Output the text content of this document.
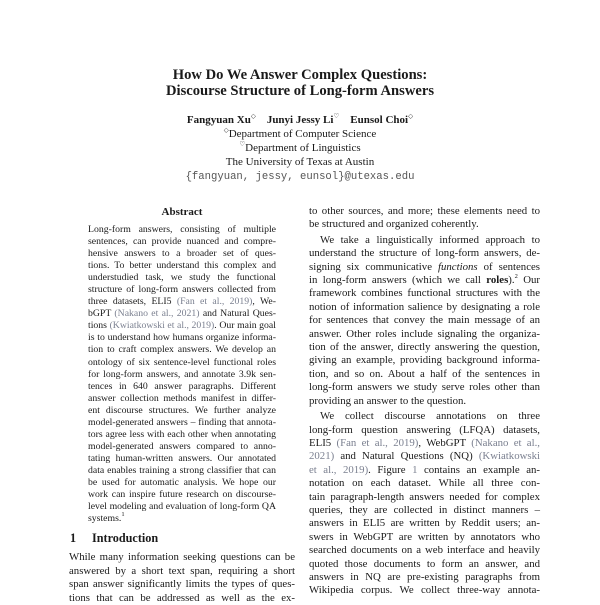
How Do We Answer Complex Questions:
Discourse Structure of Long-form Answers
Fangyuan Xu◇ Junyi Jessy Li♡ Eunsol Choi◇
◇Department of Computer Science
♡Department of Linguistics
The University of Texas at Austin
{fangyuan, jessy, eunsol}@utexas.edu
Abstract
Long-form answers, consisting of multiple
sentences, can provide nuanced and compre-
hensive answers to a broader set of ques-
tions. To better understand this complex and
understudied task, we study the functional
structure of long-form answers collected from
three datasets, ELI5 (Fan et al., 2019), We-
bGPT (Nakano et al., 2021) and Natural Ques-
tions (Kwiatkowski et al., 2019). Our main goal
is to understand how humans organize informa-
tion to craft complex answers. We develop an
ontology of six sentence-level functional roles
for long-form answers, and annotate 3.9k sen-
tences in 640 answer paragraphs. Different
answer collection methods manifest in differ-
ent discourse structures. We further analyze
model-generated answers – finding that annota-
tors agree less with each other when annotating
model-generated answers compared to anno-
tating human-written answers. Our annotated
data enables training a strong classifier that can
be used for automatic analysis. We hope our
work can inspire future research on discourse-
level modeling and evaluation of long-form QA
systems.$^1$
1 Introduction
While many information seeking questions can be
answered by a short text span, requiring a short
span answer significantly limits the types of ques-
tions that can be addressed as well as the ex-
to other sources, and more; these elements need to
be structured and organized coherently.
We take a linguistically informed approach to
understand the structure of long-form answers, de-
signing six communicative functions of sentences
in long-form answers (which we call roles).$^2$ Our
framework combines functional structures with the
notion of information salience by designating a role
for sentences that convey the main message of an
answer. Other roles include signaling the organiza-
tion of the answer, directly answering the question,
giving an example, providing background informa-
tion, and so on. About a half of the sentences in
long-form answers we study serve roles other than
providing an answer to the question.
We collect discourse annotations on three
long-form question answering (LFQA) datasets,
ELI5 (Fan et al., 2019), WebGPT (Nakano et al.,
2021) and Natural Questions (NQ) (Kwiatkowski
et al., 2019). Figure 1 contains an example an-
notation on each dataset. While all three con-
tain paragraph-length answers needed for complex
queries, they are collected in distinct manners –
answers in ELI5 are written by Reddit users; an-
swers in WebGPT are written by annotators who
searched documents on a web interface and heavily
quoted those documents to form an answer, and
answers in NQ are pre-existing paragraphs from
Wikipedia corpus. We collect three-way annota-
